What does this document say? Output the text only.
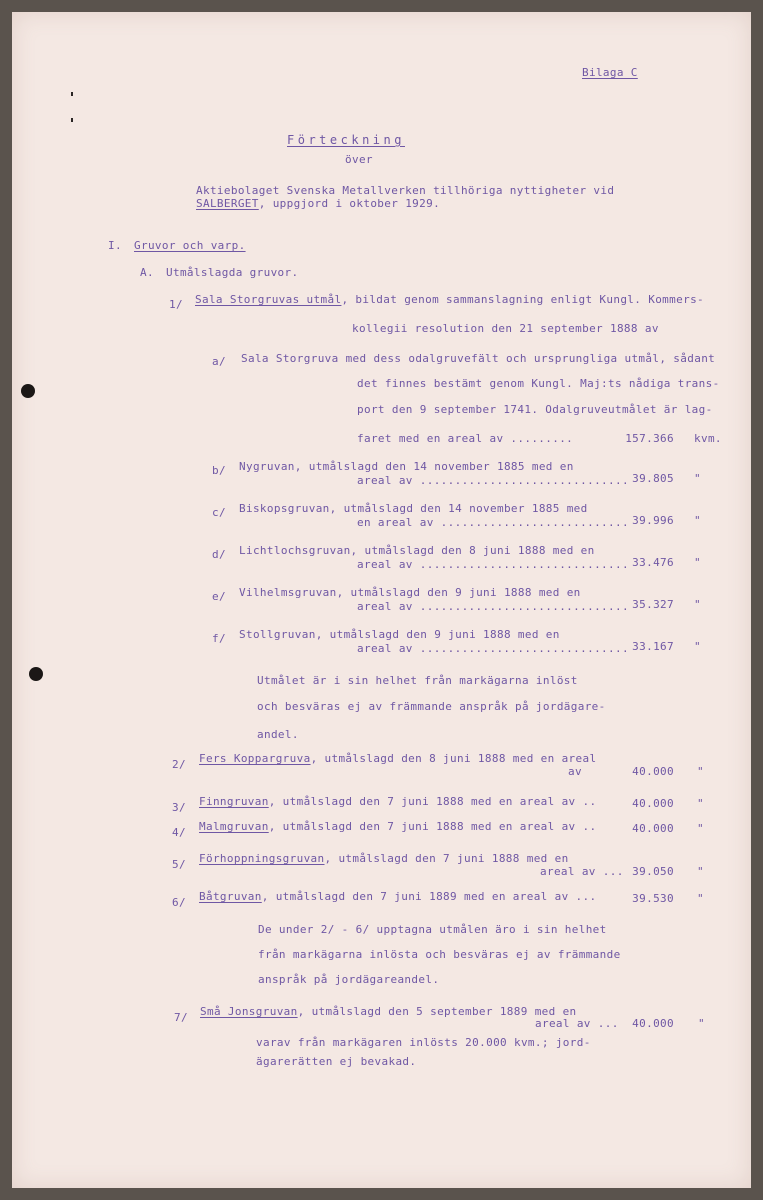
Bilaga C
Förteckning
över
Aktiebolaget Svenska Metallverken tillhöriga nyttigheter vid
SALBERGET, uppgjord i oktober 1929.
I. Gruvor och varp.
A. Utmålslagda gruvor.
1/ Sala Storgruvas utmål, bildat genom sammanslagning enligt Kungl. Kommers-
kollegii resolution den 21 september 1888 av
a/ Sala Storgruva med dess odalgruvefält och ursprungliga utmål, sådant
det finnes bestämt genom Kungl. Maj:ts nådiga trans-
port den 9 september 1741. Odalgruveutmålet är lag-
faret med en areal av .........	157.366 kvm.
b/ Nygruvan, utmålslagd den 14 november 1885 med en
areal av .............................. 39.805 "
c/ Biskopsgruvan, utmålslagd den 14 november 1885 med
en areal av ........................... 39.996 "
d/ Lichtlochsgruvan, utmålslagd den 8 juni 1888 med en
areal av .............................. 33.476 "
e/ Vilhelmsgruvan, utmålslagd den 9 juni 1888 med en
areal av .............................. 35.327 "
f/ Stollgruvan, utmålslagd den 9 juni 1888 med en
areal av .............................. 33.167 "
Utmålet är i sin helhet från markägarna inlöst
och besväras ej av främmande anspråk på jordägare-
andel.
2/ Fers Koppargruva, utmålslagd den 8 juni 1888 med en areal
av	40.000 "
3/ Finngruvan, utmålslagd den 7 juni 1888 med en areal av ..	40.000 "
4/ Malmgruvan, utmålslagd den 7 juni 1888 med en areal av ..	40.000 "
5/ Förhoppningsgruvan, utmålslagd den 7 juni 1888 med en
areal av ... 39.050 "
6/ Båtgruvan, utmålslagd den 7 juni 1889 med en areal av ...	39.530 "
De under 2/ - 6/ upptagna utmålen äro i sin helhet
från markägarna inlösta och besväras ej av främmande
anspråk på jordägareandel.
7/ Små Jonsgruvan, utmålslagd den 5 september 1889 med en
areal av ...	40.000 "
varav från markägaren inlösts 20.000 kvm.; jord-
ägarerätten ej bevakad.
